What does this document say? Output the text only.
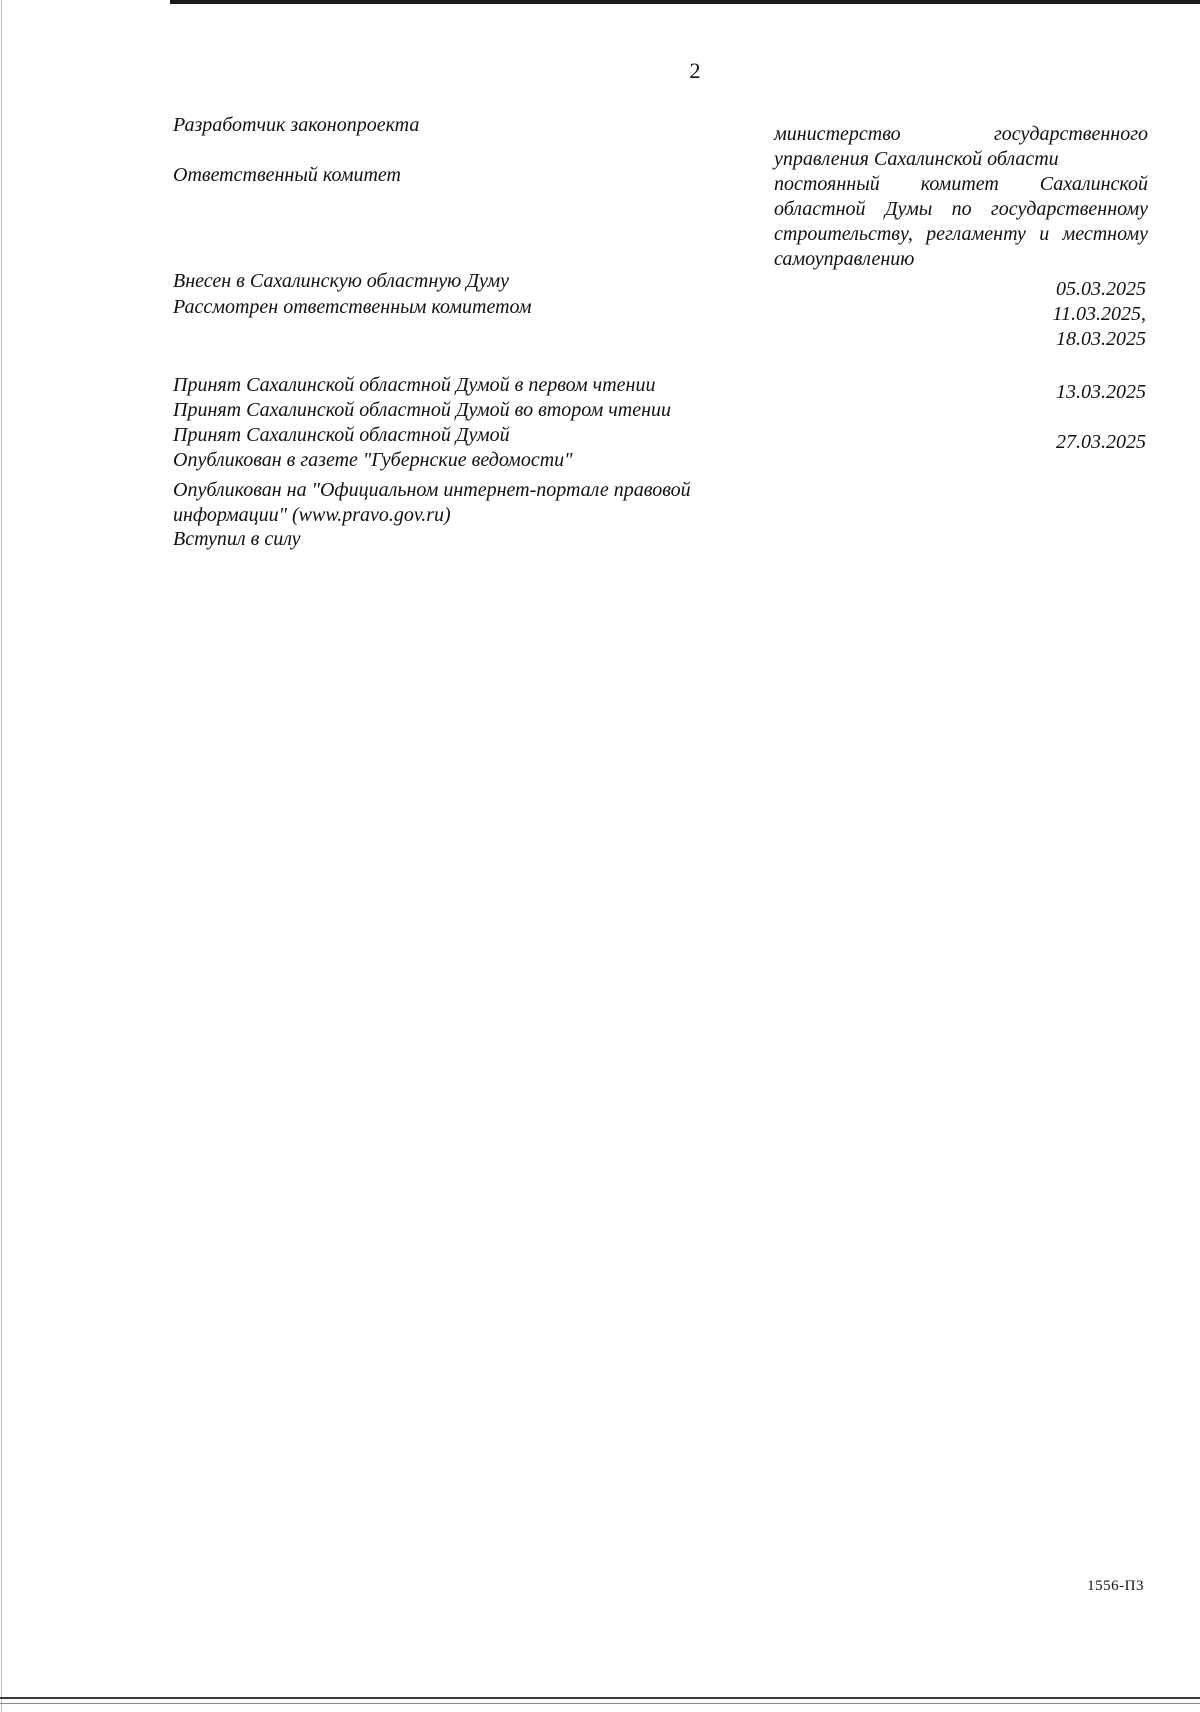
2
Разработчик законопроекта	министерство государственного управления Сахалинской области
Ответственный комитет	постоянный комитет Сахалинской областной Думы по государственному строительству, регламенту и местному самоуправлению
Внесен в Сахалинскую областную Думу	05.03.2025
Рассмотрен ответственным комитетом	11.03.2025,
18.03.2025
Принят Сахалинской областной Думой в первом чтении	13.03.2025
Принят Сахалинской областной Думой во втором чтении
Принят Сахалинской областной Думой	27.03.2025
Опубликован в газете "Губернские ведомости"
Опубликован на "Официальном интернет-портале правовой
информации" (www.pravo.gov.ru)
Вступил в силу
1556-П3
